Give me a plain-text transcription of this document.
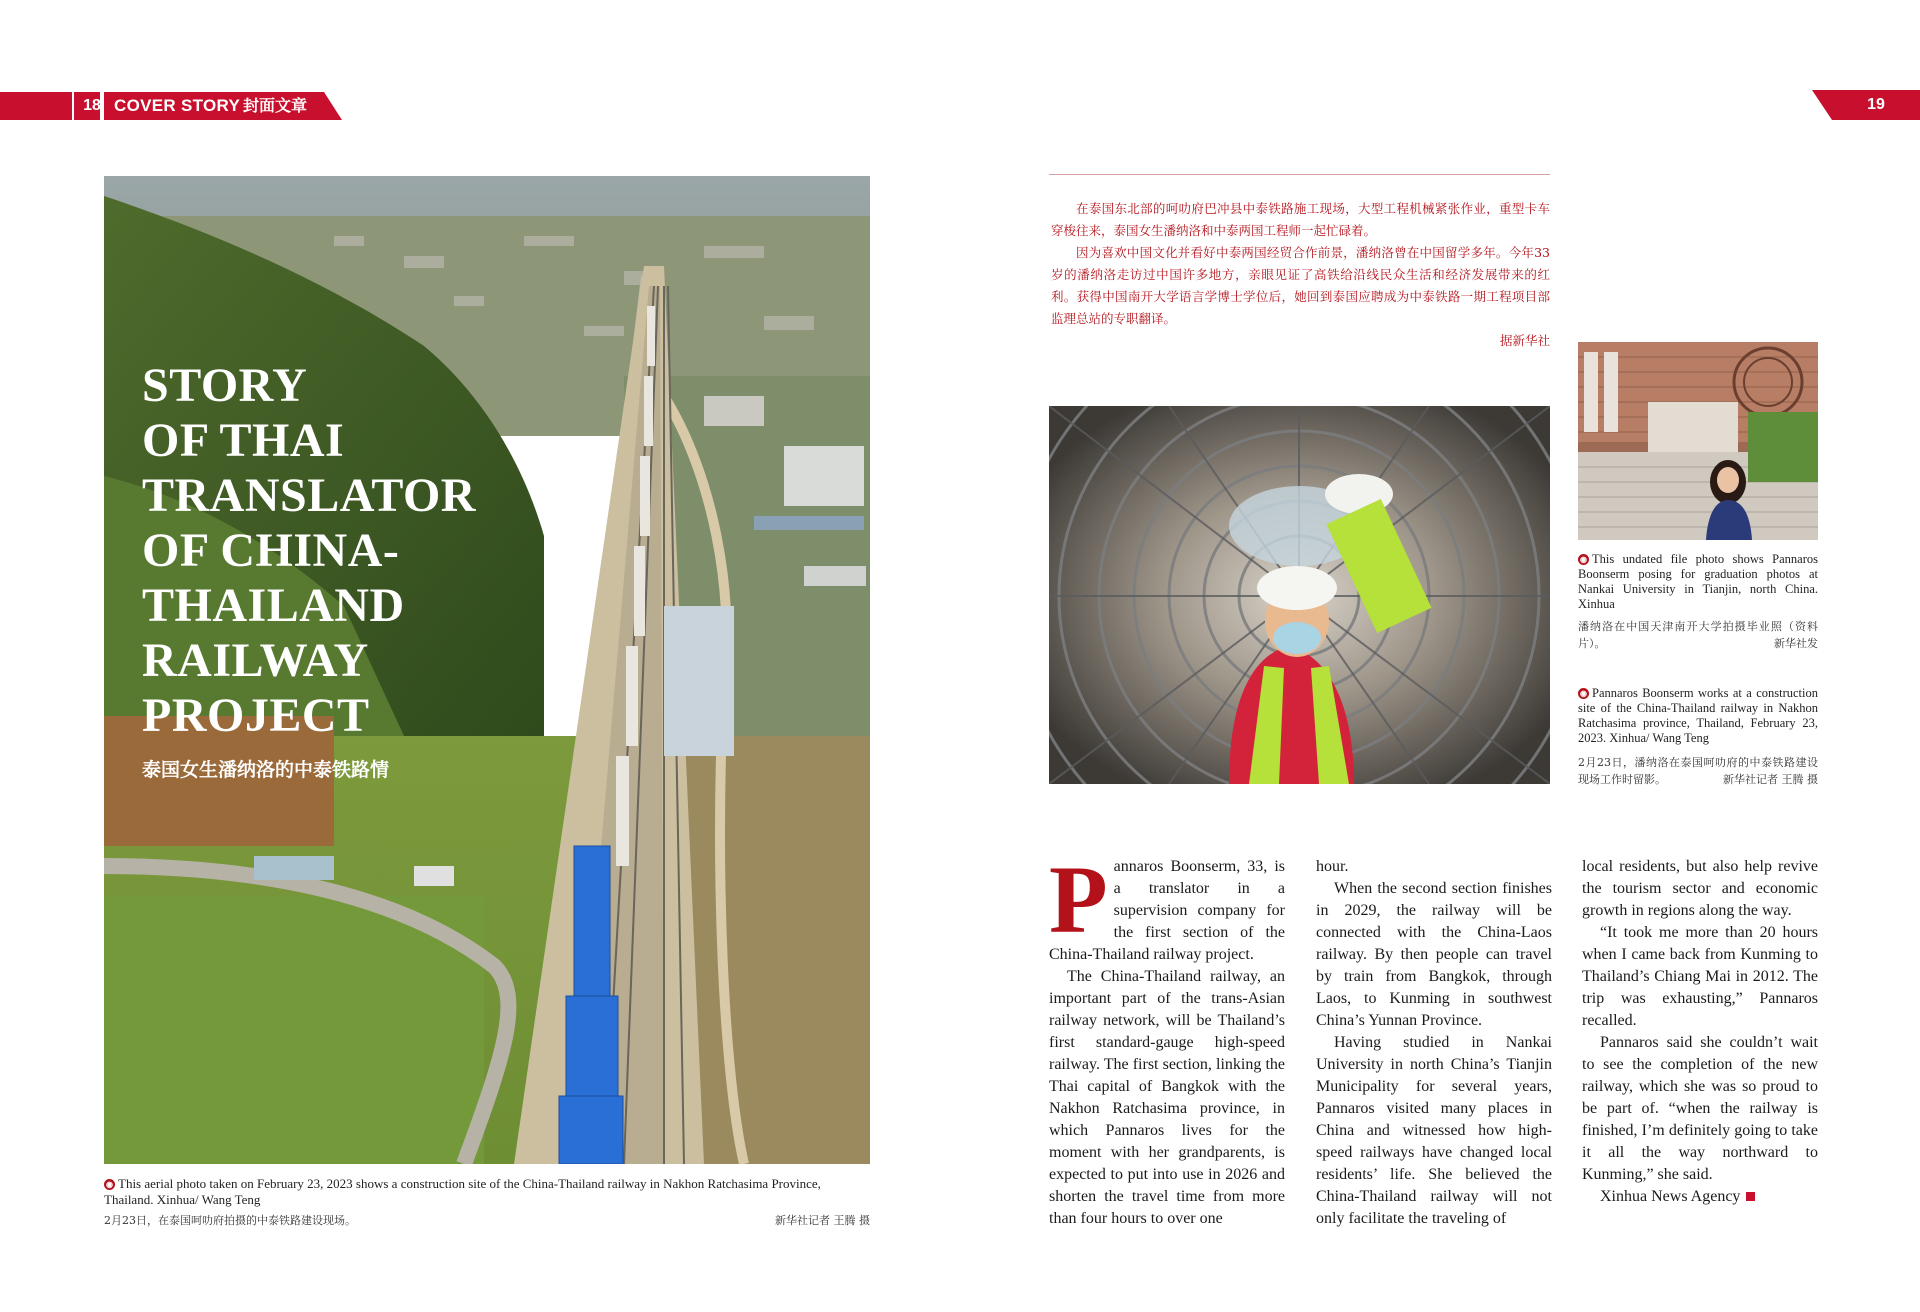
18 COVER STORY 封面文章	19
STORY
OF THAI
TRANSLATOR
OF CHINA-
THAILAND
RAILWAY
PROJECT
泰国女生潘纳洛的中泰铁路情
◉ This aerial photo taken on February 23, 2023 shows a construction site of the China-Thailand railway in Nakhon Ratchasima Province, Thailand. Xinhua/ Wang Teng
2月23日，在泰国呵叻府拍摄的中泰铁路建设现场。	新华社记者 王腾 摄

在泰国东北部的呵叻府巴冲县中泰铁路施工现场，大型工程机械紧张作业，重型卡车穿梭往来，泰国女生潘纳洛和中泰两国工程师一起忙碌着。

因为喜欢中国文化并看好中泰两国经贸合作前景，潘纳洛曾在中国留学多年。今年33岁的潘纳洛走访过中国许多地方，亲眼见证了高铁给沿线民众生活和经济发展带来的红利。获得中国南开大学语言学博士学位后，她回到泰国应聘成为中泰铁路一期工程项目部监理总站的专职翻译。

据新华社

◉ This undated file photo shows Pannaros Boonserm posing for graduation photos at Nankai University in Tianjin, north China. Xinhua
潘纳洛在中国天津南开大学拍摄毕业照（资料片）。	新华社发
◉ Pannaros Boonserm works at a construction site of the China-Thailand railway in Nakhon Ratchasima province, Thailand, February 23, 2023. Xinhua/ Wang Teng
2月23日，潘纳洛在泰国呵叻府的中泰铁路建设现场工作时留影。	新华社记者 王腾 摄
P annaros Boonserm, 33, is a translator in a supervision company for the first section of the China-Thailand railway project.

The China-Thailand railway, an important part of the trans-Asian railway network, will be Thailand’s first standard-gauge high-speed railway. The first section, linking the Thai capital of Bangkok with the Nakhon Ratchasima province, in which Pannaros lives for the moment with her grandparents, is expected to put into use in 2026 and shorten the travel time from more than four hours to over one

hour.

When the second section finishes in 2029, the railway will be connected with the China-Laos railway. By then people can travel by train from Bangkok, through Laos, to Kunming in southwest China’s Yunnan Province.

Having studied in Nankai University in north China’s Tianjin Municipality for several years, Pannaros visited many places in China and witnessed how high-speed railways have changed local residents’ life. She believed the China-Thailand railway will not only facilitate the traveling of

local residents, but also help revive the tourism sector and economic growth in regions along the way.

“It took me more than 20 hours when I came back from Kunming to Thailand’s Chiang Mai in 2012. The trip was exhausting,” Pannaros recalled.

Pannaros said she couldn’t wait to see the completion of the new railway, which she was so proud to be part of. “when the railway is finished, I’m definitely going to take it all the way northward to Kunming,” she said.

Xinhua News Agency
